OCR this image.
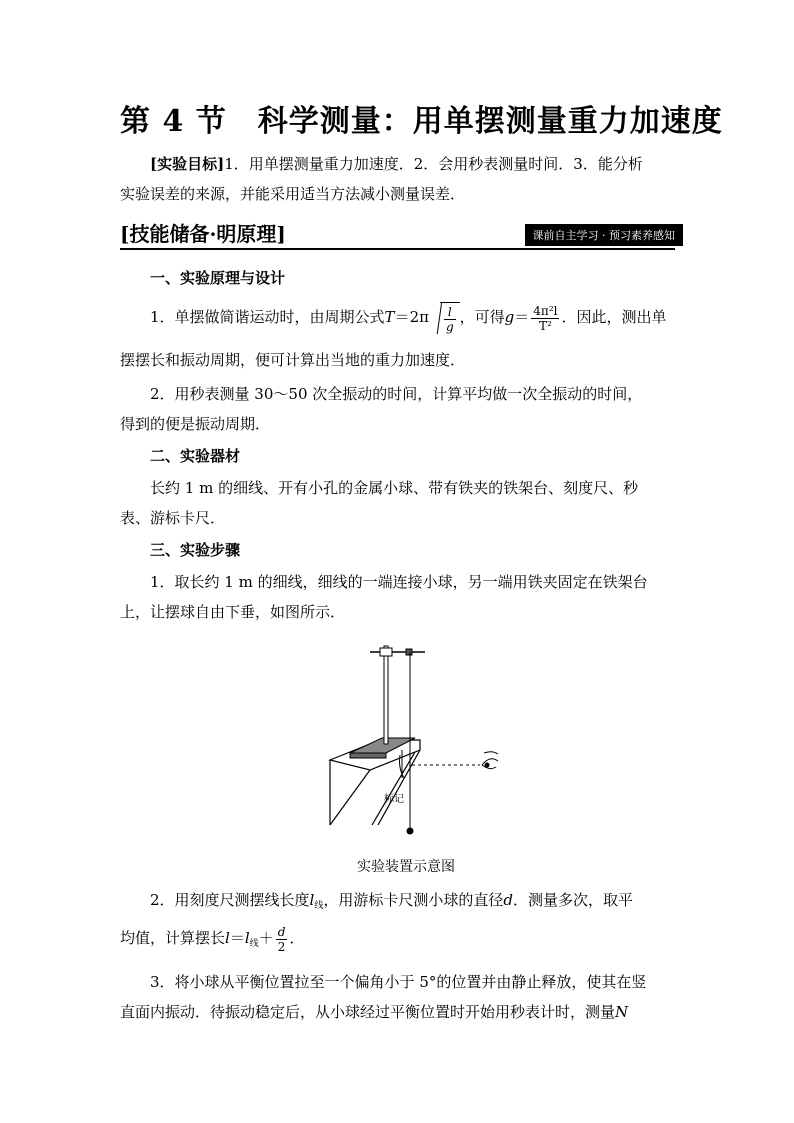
第 4 节　科学测量：用单摆测量重力加速度
[实验目标]1．用单摆测量重力加速度．2．会用秒表测量时间．3．能分析
实验误差的来源，并能采用适当方法减小测量误差．
[技能储备·明原理]	课前自主学习 · 预习素养感知
一、实验原理与设计
1．单摆做简谐运动时，由周期公式$T=2\pi \frac{l}{g}$ ，可得$g= \frac{\text{4π²l}}{\text{T²}}$ ．因此，测出单
摆摆长和振动周期，便可计算出当地的重力加速度．
2．用秒表测量 30～50 次全振动的时间，计算平均做一次全振动的时间，
得到的便是振动周期．
二、实验器材
长约 1 m 的细线、开有小孔的金属小球、带有铁夹的铁架台、刻度尺、秒
表、游标卡尺．
三、实验步骤
1．取长约 1 m 的细线，细线的一端连接小球，另一端用铁夹固定在铁架台
上，让摆球自由下垂，如图所示．
标记
实验装置示意图
2．用刻度尺测摆线长度$l_线$，用游标卡尺测小球的直径d．测量多次，取平
均值，计算摆长$l=l_线+ \frac{d}{2}$ ．
3．将小球从平衡位置拉至一个偏角小于 5°的位置并由静止释放，使其在竖
直面内振动．待振动稳定后，从小球经过平衡位置时开始用秒表计时，测量N
